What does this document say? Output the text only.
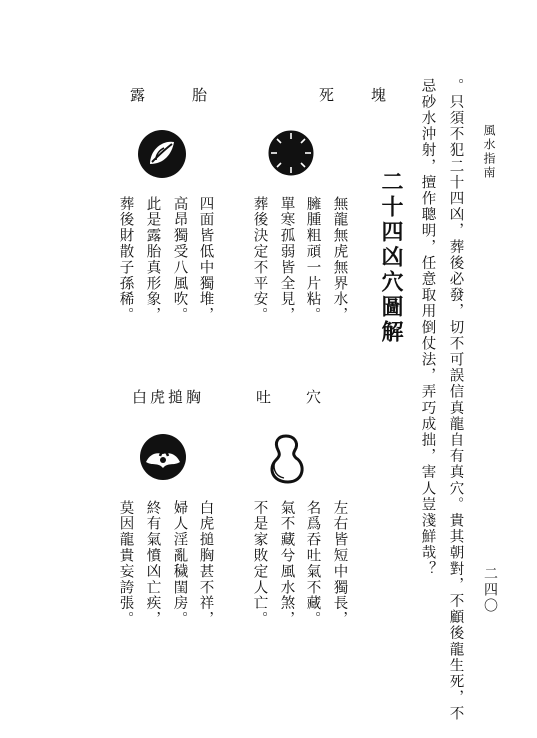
風水指南
二四〇
。只須不犯二十四凶，葬後必發，切不可誤信真龍自有真穴。貴其朝對，不顧後龍生死，不
忌砂水沖射，擅作聰明，任意取用倒仗法，弄巧成拙，害人豈淺鮮哉？
二十四凶穴圖解
死 塊
露	胎
無龍無虎無界水，
臃腫粗頑一片粘。
單寒孤弱皆全見，
葬後決定不平安。
四面皆低中獨堆，
高昂獨受八風吹。
此是露胎真形象，
葬後財散子孫稀。
吐 穴
白虎搥胸
左右皆短中獨長，
名爲吞吐氣不藏。
氣不藏兮風水煞，
不是家敗定人亡。
白虎搥胸甚不祥，
婦人淫亂穢閨房。
終有氣憤凶亡疾，
莫因龍貴妄誇張。
塊
穴
